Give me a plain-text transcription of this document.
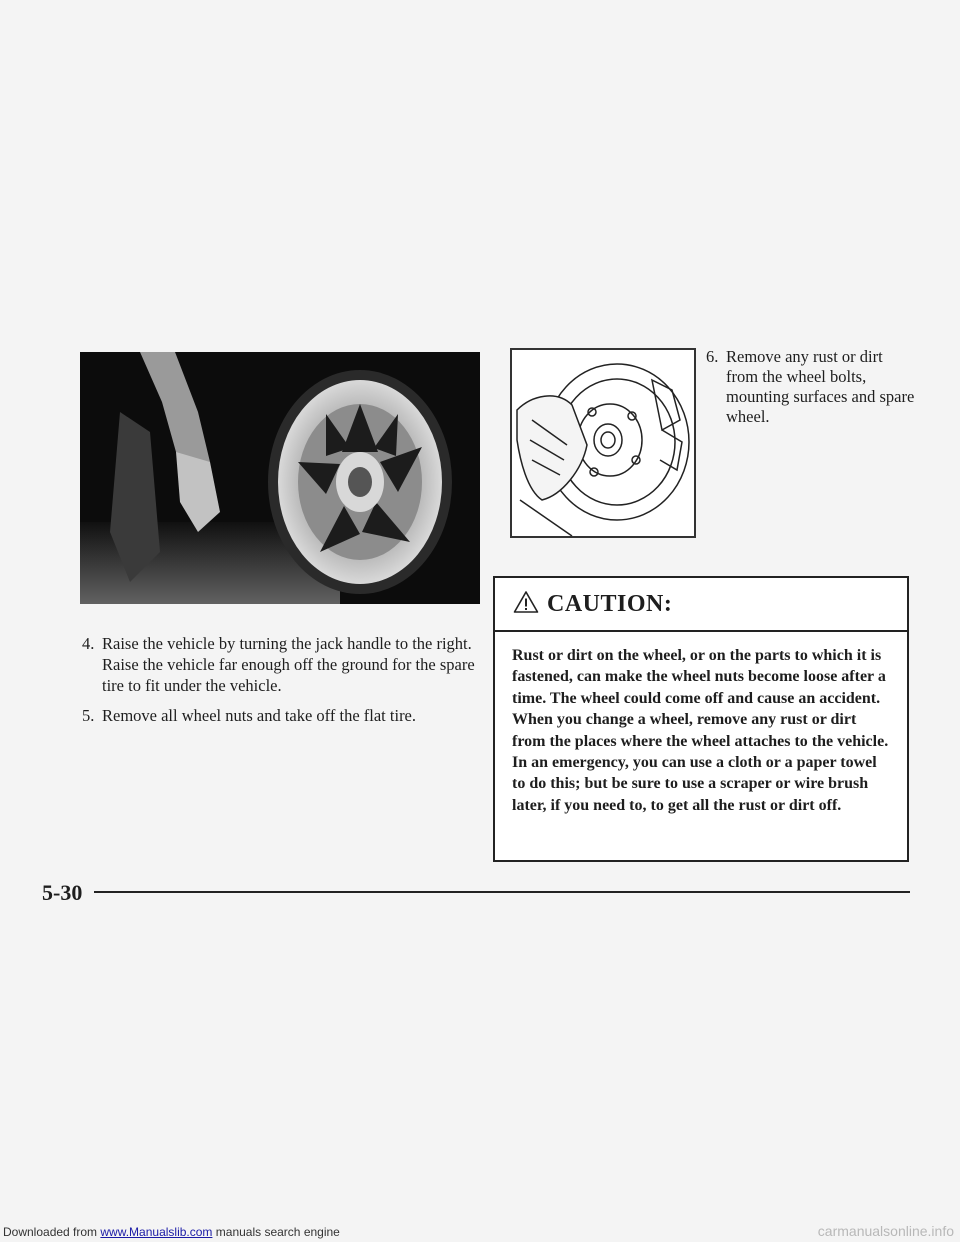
6. Remove any rust or dirt from the wheel bolts, mounting surfaces and spare wheel.
4. Raise the vehicle by turning the jack handle to the right. Raise the vehicle far enough off the ground for the spare tire to fit under the vehicle.
5. Remove all wheel nuts and take off the flat tire.
CAUTION:
Rust or dirt on the wheel, or on the parts to which it is fastened, can make the wheel nuts become loose after a time. The wheel could come off and cause an accident. When you change a wheel, remove any rust or dirt from the places where the wheel attaches to the vehicle. In an emergency, you can use a cloth or a paper towel to do this; but be sure to use a scraper or wire brush later, if you need to, to get all the rust or dirt off.
5-30
Downloaded from www.Manualslib.com manuals search engine	carmanualsonline.info
